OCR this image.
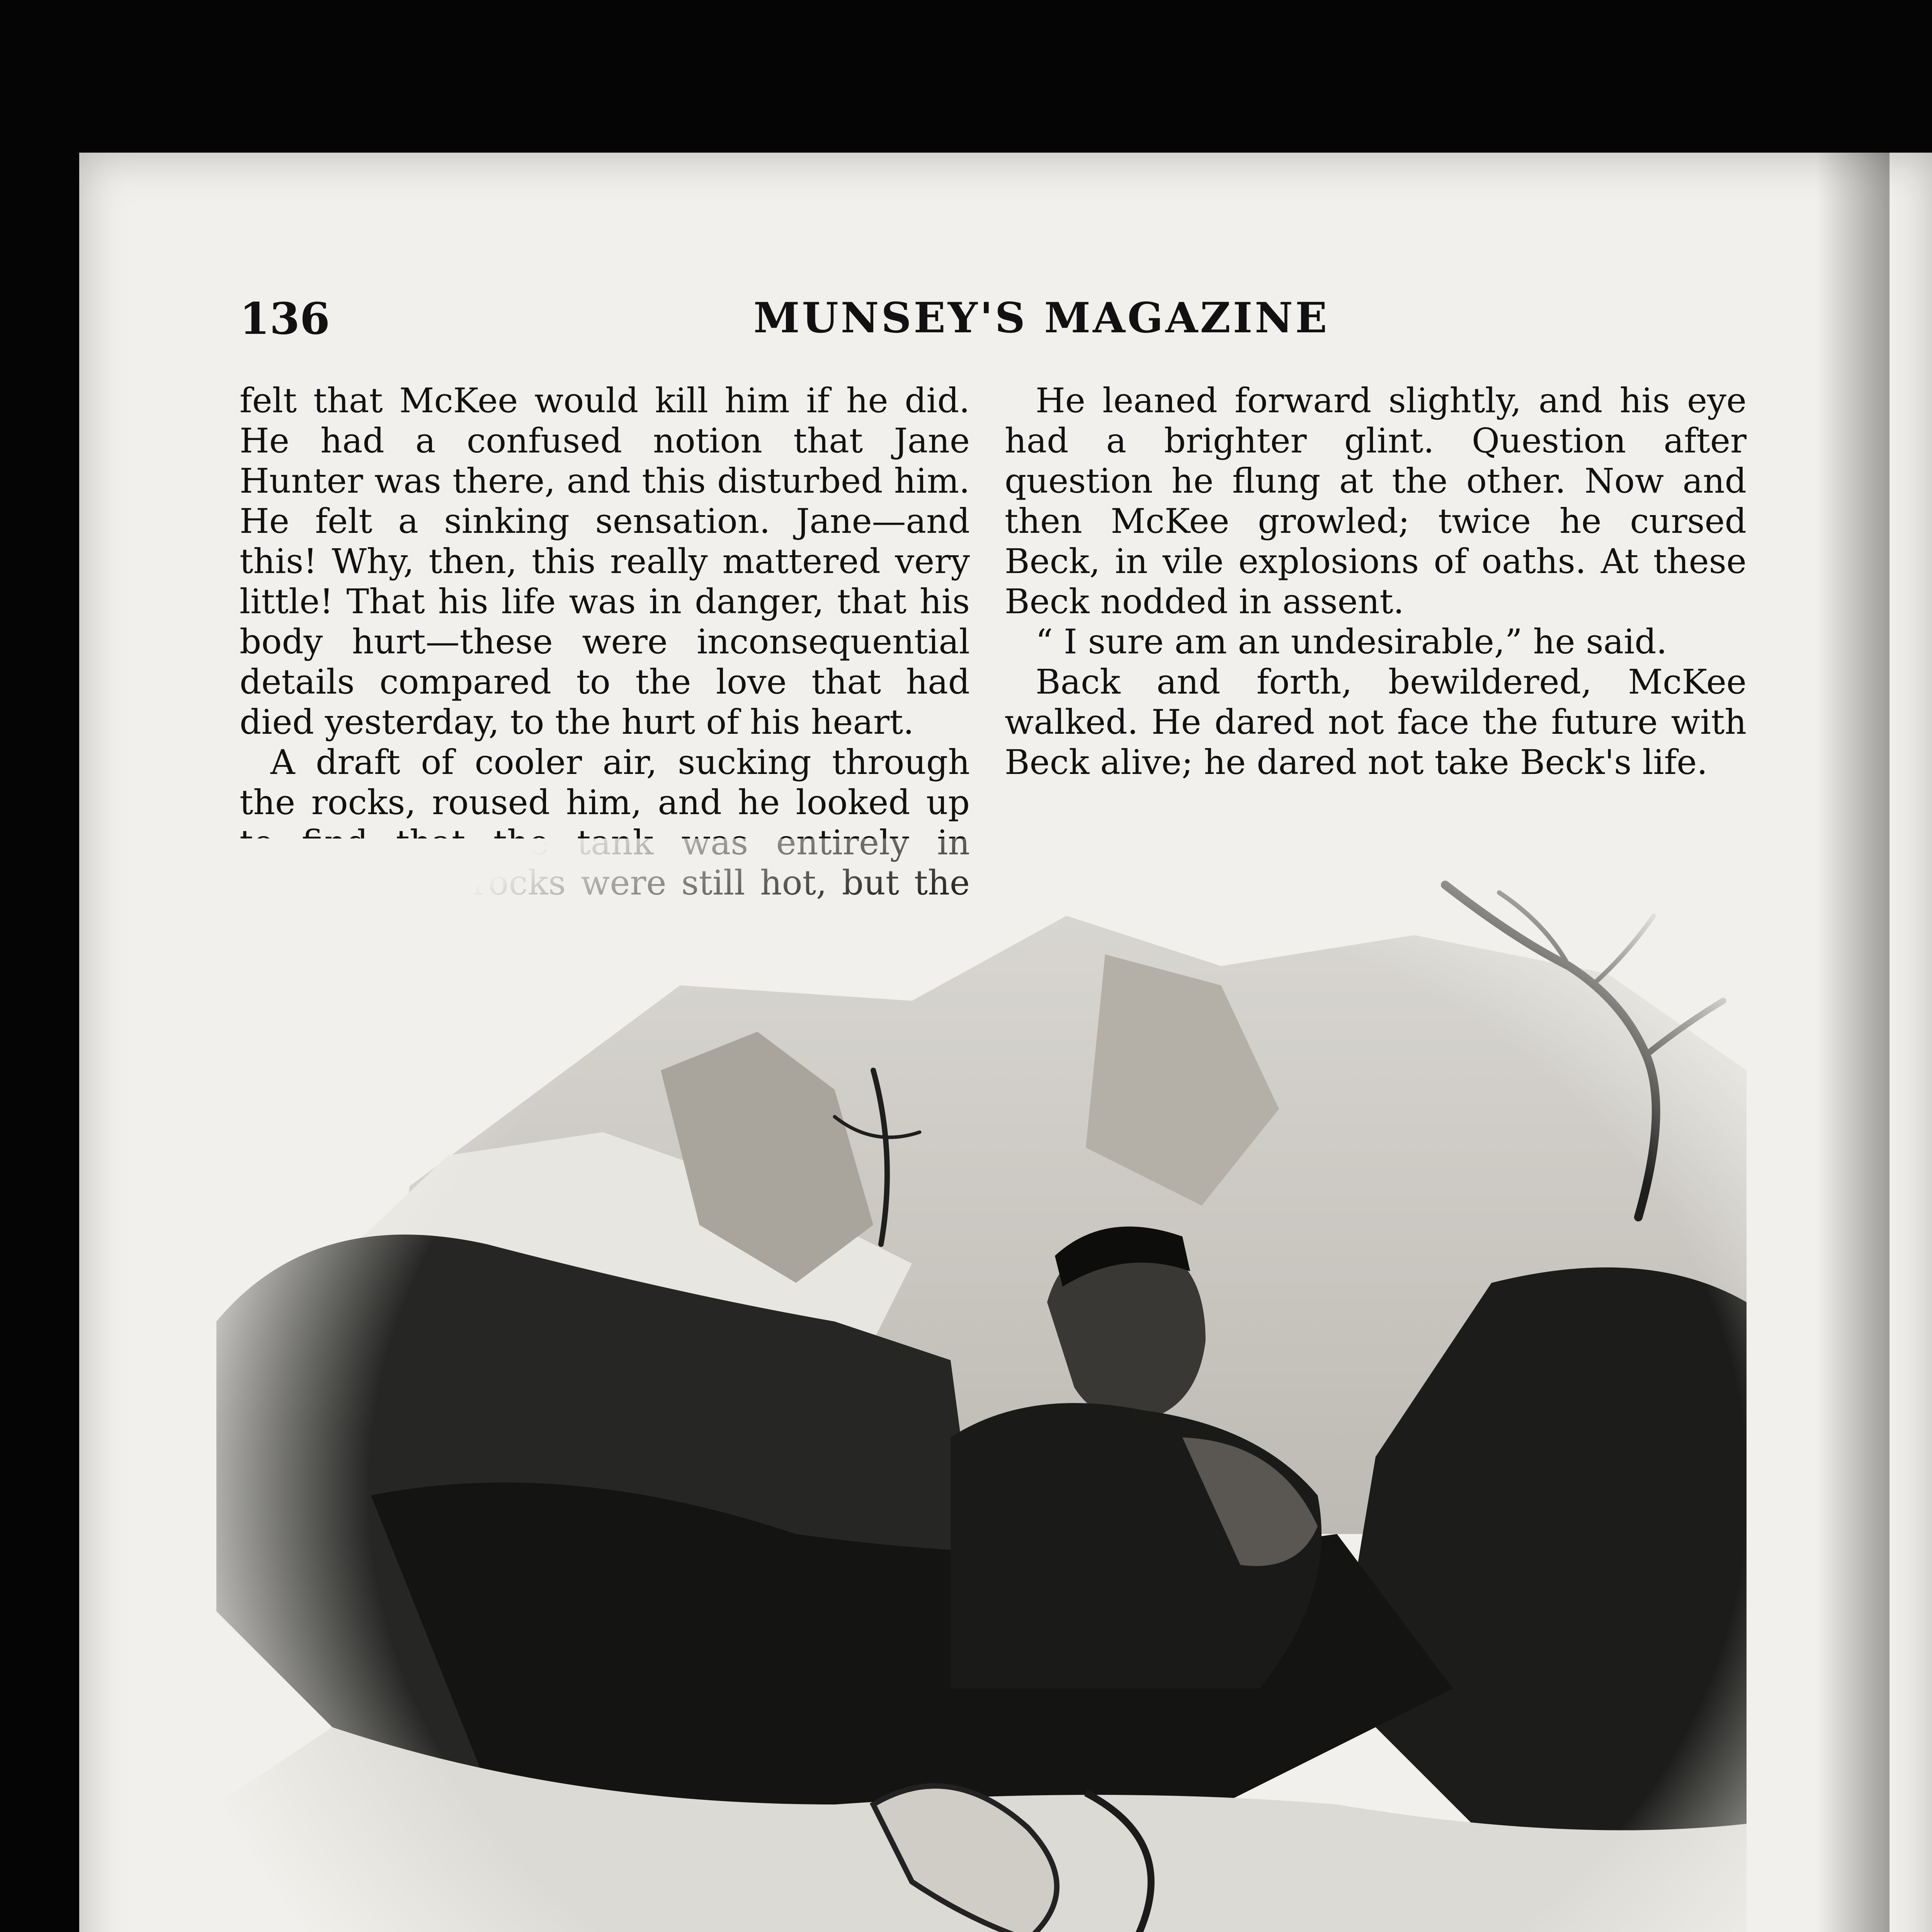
136	MUNSEY'S MAGAZINE

felt that McKee would kill him if he did. He had a confused notion that Jane Hunter was there, and this disturbed him. He felt a sinking sensation. Jane—and this! Why, then, this really mattered very little! That his life was in danger, that his body hurt—these were inconsequential details compared to the love that had died yesterday, to the hurt of his heart.

A draft of cooler air, sucking through the rocks, roused him, and he looked up

He leaned forward slightly, and his eye had a brighter glint. Question after question he flung at the other. Now and then McKee growled; twice he cursed Beck, in vile explosions of oaths. At these Beck nodded in assent.

“ I sure am an undesirable,” he said.

Back and forth, bewildered, McKee walked. He dared not face the future with Beck alive; he dared not take Beck's life.
